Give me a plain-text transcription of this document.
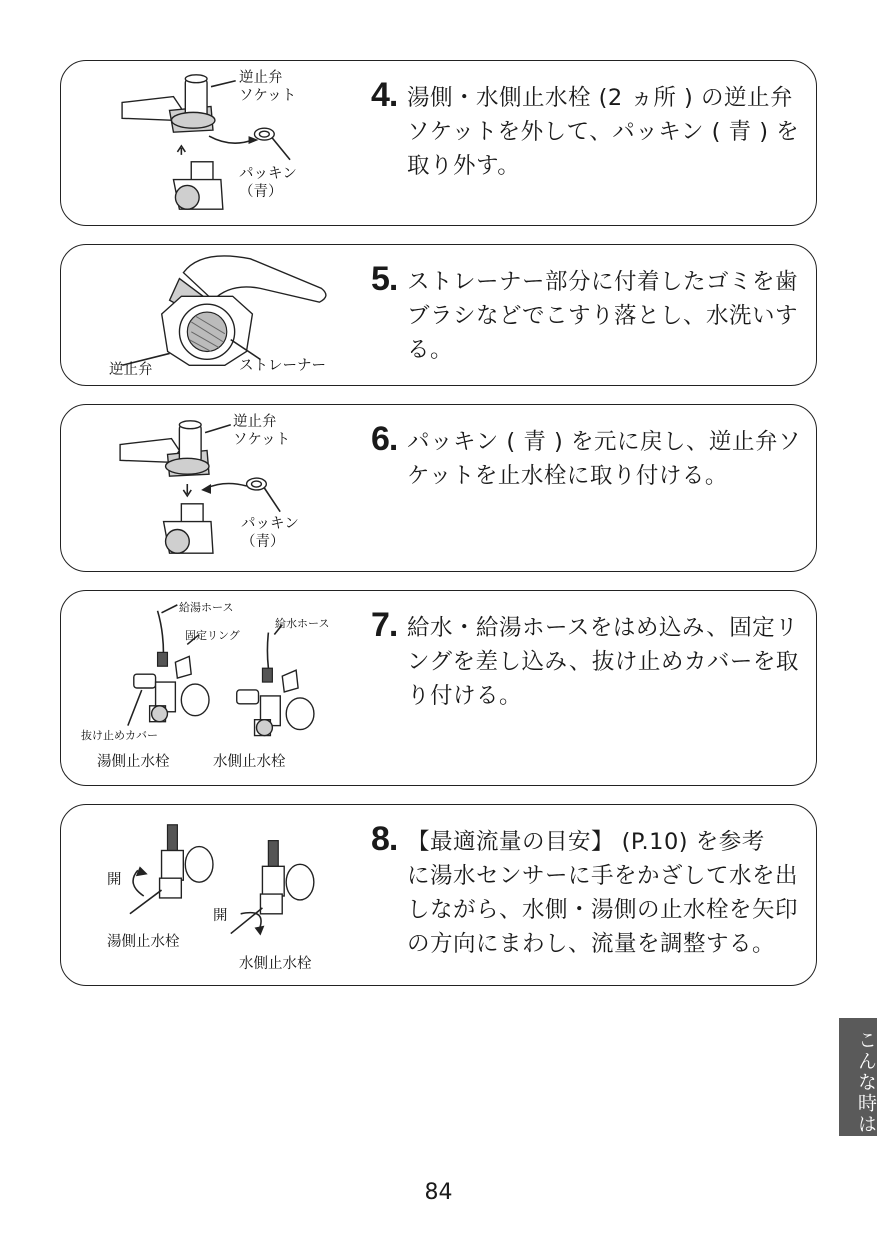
逆止弁
ソケット
パッキン
（青）
4. 湯側・水側止水栓 (2 ヵ所 ) の逆止弁
ソケットを外して、パッキン ( 青 ) を
取り外す。
逆止弁	ストレーナー
5. ストレーナー部分に付着したゴミを歯
ブラシなどでこすり落とし、水洗いす
る。
逆止弁
ソケット
パッキン
（青）
6. パッキン ( 青 ) を元に戻し、逆止弁ソ
ケットを止水栓に取り付ける。
給湯ホース
給水ホース
固定リング
抜け止めカバー
湯側止水栓	水側止水栓
7. 給水・給湯ホースをはめ込み、固定リ
ングを差し込み、抜け止めカバーを取
り付ける。
開
開
湯側止水栓
水側止水栓
8. 【最適流量の目安】 (P.10) を参考
に湯水センサーに手をかざして水を出
しながら、水側・湯側の止水栓を矢印
の方向にまわし、流量を調整する。
こんな時は
84
